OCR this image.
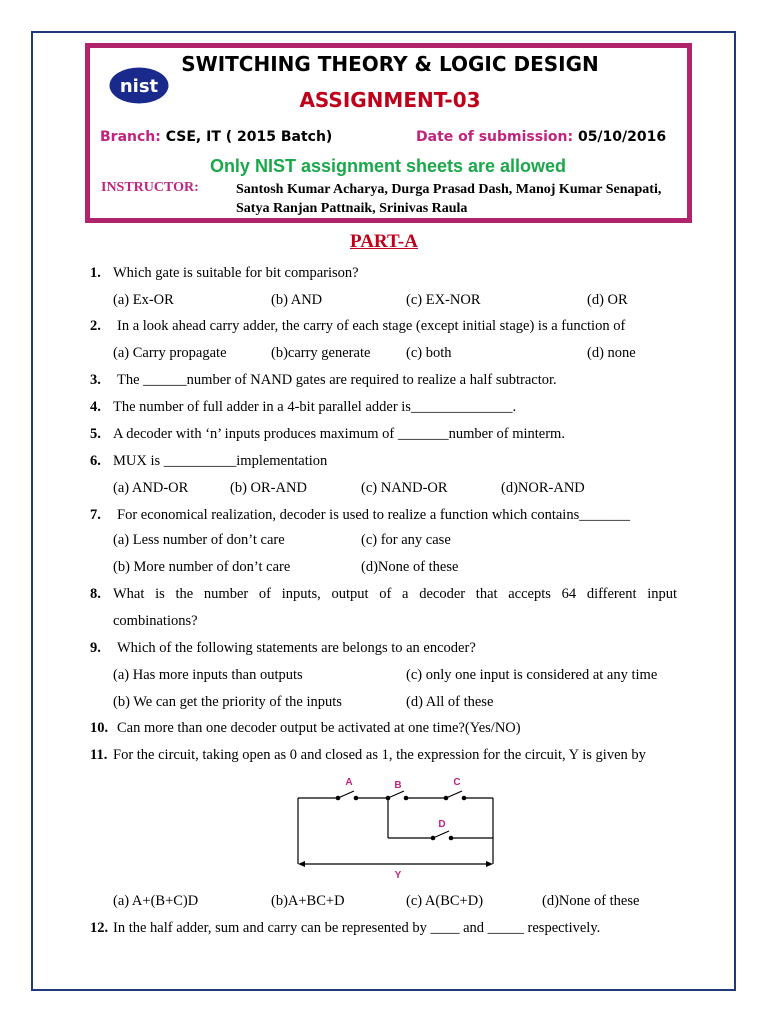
nist
SWITCHING THEORY & LOGIC DESIGN
ASSIGNMENT-03
Branch: CSE, IT ( 2015 Batch)	Date of submission: 05/10/2016
Only NIST assignment sheets are allowed
INSTRUCTOR:	Santosh Kumar Acharya, Durga Prasad Dash, Manoj Kumar Senapati,
Satya Ranjan Pattnaik, Srinivas Raula
PART-A
1. Which gate is suitable for bit comparison?
(a) Ex-OR	(b) AND	(c) EX-NOR	(d) OR
2. In a look ahead carry adder, the carry of each stage (except initial stage) is a function of
(a) Carry propagate	(b)carry generate (c) both	(d) none
3. The ______number of NAND gates are required to realize a half subtractor.
4. The number of full adder in a 4-bit parallel adder is______________.
5. A decoder with ‘n’ inputs produces maximum of _______number of minterm.
6. MUX is __________implementation
(a) AND-OR	(b) OR-AND	(c) NAND-OR	(d)NOR-AND
7. For economical realization, decoder is used to realize a function which contains_______
(a) Less number of don’t care	(c) for any case
(b) More number of don’t care	(d)None of these
8. What is the number of inputs, output of a decoder that accepts 64 different input
combinations?
9. Which of the following statements are belongs to an encoder?
(a) Has more inputs than outputs	(c) only one input is considered at any time
(b) We can get the priority of the inputs	(d) All of these
10. Can more than one decoder output be activated at one time?(Yes/NO)
11. For the circuit, taking open as 0 and closed as 1, the expression for the circuit, Y is given by
A	B	C
D
Y
(a) A+(B+C)D	(b)A+BC+D	(c) A(BC+D)	(d)None of these
12. In the half adder, sum and carry can be represented by ____ and _____ respectively.
